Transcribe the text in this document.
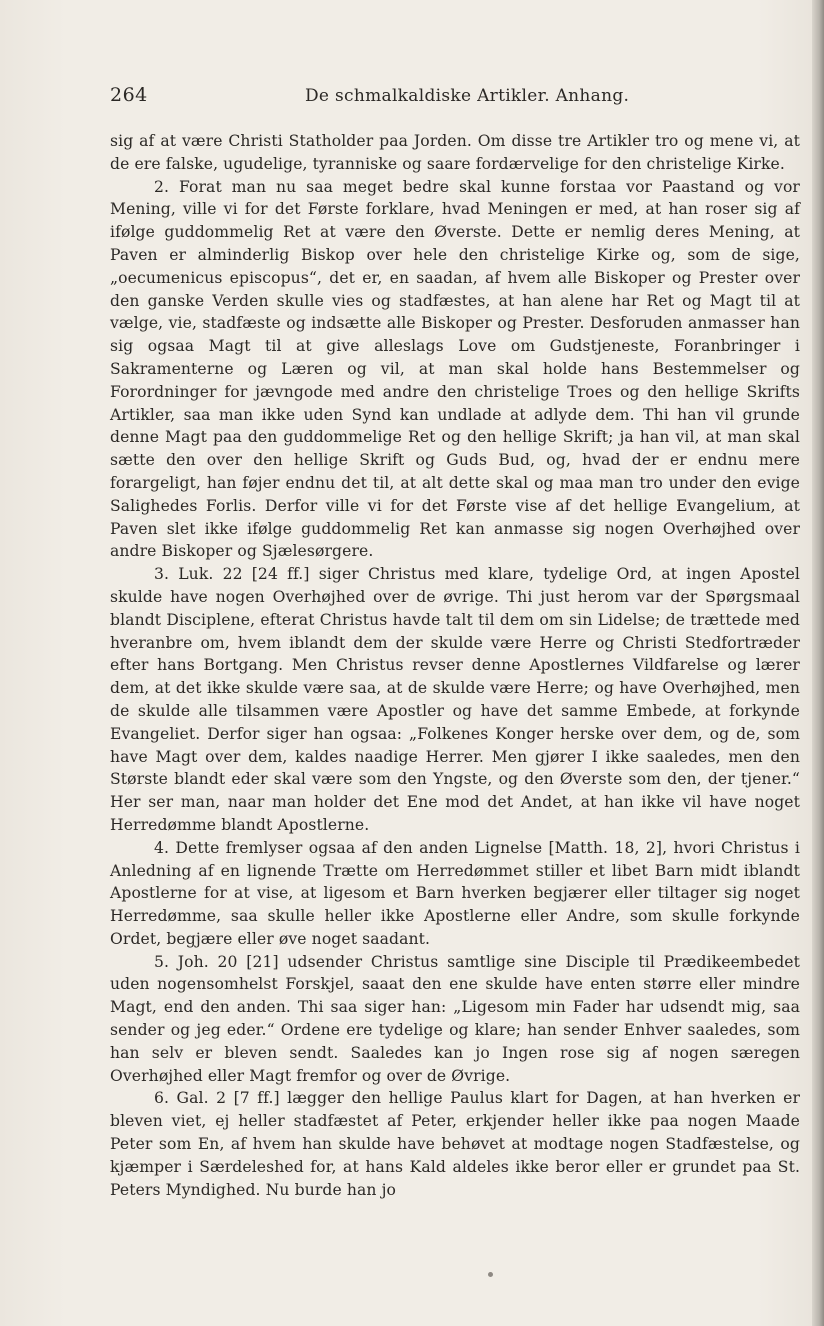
264	De schmalkaldiske Artikler. Anhang.

sig af at være Christi Statholder paa Jorden. Om disse tre Artikler tro og mene vi, at de ere falske, ugudelige, tyranniske og saare fordærvelige for den christelige Kirke.

2. Forat man nu saa meget bedre skal kunne forstaa vor Paastand og vor Mening, ville vi for det Første forklare, hvad Meningen er med, at han roser sig af ifølge guddommelig Ret at være den Øverste. Dette er nemlig deres Mening, at Paven er alminderlig Biskop over hele den christelige Kirke og, som de sige, „oecumenicus episcopus“, det er, en saadan, af hvem alle Biskoper og Prester over den ganske Verden skulle vies og stadfæstes, at han alene har Ret og Magt til at vælge, vie, stadfæste og indsætte alle Biskoper og Prester. Desforuden anmasser han sig ogsaa Magt til at give alleslags Love om Gudstjeneste, Foranbringer i Sakramenterne og Læren og vil, at man skal holde hans Bestemmelser og Forordninger for jævngode med andre den christelige Troes og den hellige Skrifts Artikler, saa man ikke uden Synd kan undlade at adlyde dem. Thi han vil grunde denne Magt paa den guddommelige Ret og den hellige Skrift; ja han vil, at man skal sætte den over den hellige Skrift og Guds Bud, og, hvad der er endnu mere forargeligt, han føjer endnu det til, at alt dette skal og maa man tro under den evige Salighedes Forlis. Derfor ville vi for det Første vise af det hellige Evangelium, at Paven slet ikke ifølge guddommelig Ret kan anmasse sig nogen Overhøjhed over andre Biskoper og Sjælesørgere.

3. Luk. 22 [24 ff.] siger Christus med klare, tydelige Ord, at ingen Apostel skulde have nogen Overhøjhed over de øvrige. Thi just herom var der Spørgsmaal blandt Disciplene, efterat Christus havde talt til dem om sin Lidelse; de trættede med hveranbre om, hvem iblandt dem der skulde være Herre og Christi Stedfortræder efter hans Bortgang. Men Christus revser denne Apostlernes Vildfarelse og lærer dem, at det ikke skulde være saa, at de skulde være Herre; og have Overhøjhed, men de skulde alle tilsammen være Apostler og have det samme Embede, at forkynde Evangeliet. Derfor siger han ogsaa: „Folkenes Konger herske over dem, og de, som have Magt over dem, kaldes naadige Herrer. Men gjører I ikke saaledes, men den Største blandt eder skal være som den Yngste, og den Øverste som den, der tjener.“ Her ser man, naar man holder det Ene mod det Andet, at han ikke vil have noget Herredømme blandt Apostlerne.

4. Dette fremlyser ogsaa af den anden Lignelse [Matth. 18, 2], hvori Christus i Anledning af en lignende Trætte om Herredømmet stiller et libet Barn midt iblandt Apostlerne for at vise, at ligesom et Barn hverken begjærer eller tiltager sig noget Herredømme, saa skulle heller ikke Apostlerne eller Andre, som skulle forkynde Ordet, begjære eller øve noget saadant.

5. Joh. 20 [21] udsender Christus samtlige sine Disciple til Prædikeembedet uden nogensomhelst Forskjel, saaat den ene skulde have enten større eller mindre Magt, end den anden. Thi saa siger han: „Ligesom min Fader har udsendt mig, saa sender og jeg eder.“ Ordene ere tydelige og klare; han sender Enhver saaledes, som han selv er bleven sendt. Saaledes kan jo Ingen rose sig af nogen særegen Overhøjhed eller Magt fremfor og over de Øvrige.

6. Gal. 2 [7 ff.] lægger den hellige Paulus klart for Dagen, at han hverken er bleven viet, ej heller stadfæstet af Peter, erkjender heller ikke paa nogen Maade Peter som En, af hvem han skulde have behøvet at modtage nogen Stadfæstelse, og kjæmper i Særdeleshed for, at hans Kald aldeles ikke beror eller er grundet paa St. Peters Myndighed. Nu burde han jo
